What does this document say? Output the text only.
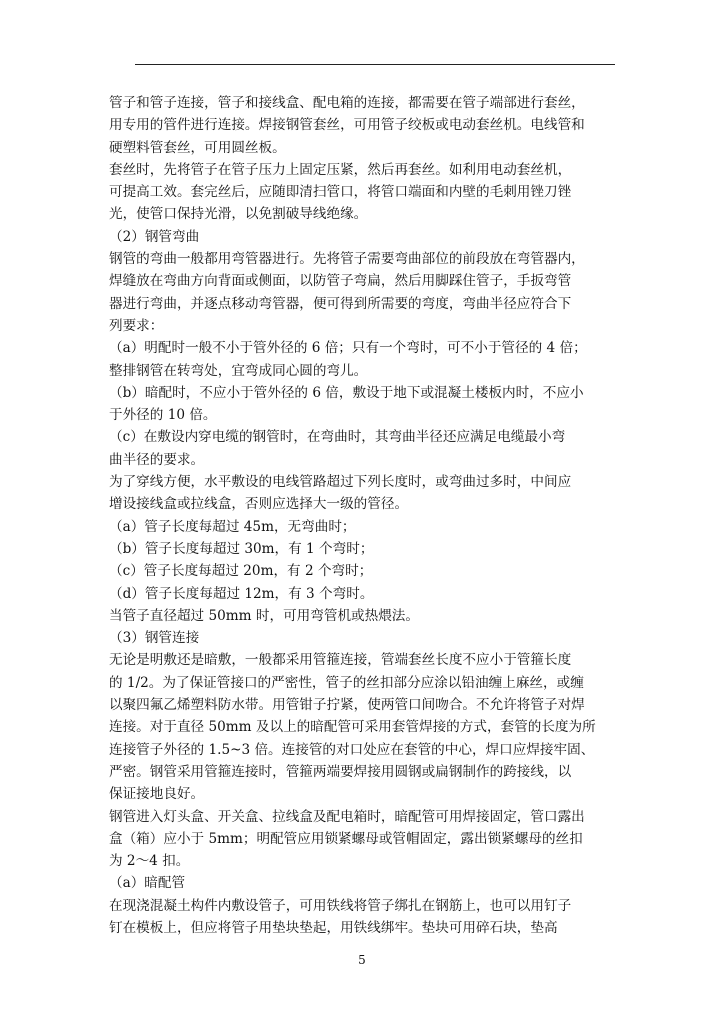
管子和管子连接，管子和接线盒、配电箱的连接，都需要在管子端部进行套丝，
用专用的管件进行连接。焊接钢管套丝，可用管子绞板或电动套丝机。电线管和
硬塑料管套丝，可用圆丝板。
套丝时，先将管子在管子压力上固定压紧，然后再套丝。如利用电动套丝机，
可提高工效。套完丝后，应随即清扫管口，将管口端面和内壁的毛刺用锉刀锉
光，使管口保持光滑，以免割破导线绝缘。
（2）钢管弯曲
钢管的弯曲一般都用弯管器进行。先将管子需要弯曲部位的前段放在弯管器内，
焊缝放在弯曲方向背面或侧面，以防管子弯扁，然后用脚踩住管子，手扳弯管
器进行弯曲，并逐点移动弯管器，便可得到所需要的弯度，弯曲半径应符合下
列要求：
（a）明配时一般不小于管外径的 6 倍；只有一个弯时，可不小于管径的 4 倍；
整排钢管在转弯处，宜弯成同心圆的弯儿。
（b）暗配时，不应小于管外径的 6 倍，敷设于地下或混凝土楼板内时，不应小
于外径的 10 倍。
（c）在敷设内穿电缆的钢管时，在弯曲时，其弯曲半径还应满足电缆最小弯
曲半径的要求。
为了穿线方便，水平敷设的电线管路超过下列长度时，或弯曲过多时，中间应
增设接线盒或拉线盒，否则应选择大一级的管径。
（a）管子长度每超过 45m，无弯曲时；
（b）管子长度每超过 30m，有 1 个弯时；
（c）管子长度每超过 20m，有 2 个弯时；
（d）管子长度每超过 12m，有 3 个弯时。
当管子直径超过 50mm 时，可用弯管机或热煨法。
（3）钢管连接
无论是明敷还是暗敷，一般都采用管箍连接，管端套丝长度不应小于管箍长度
的 1/2。为了保证管接口的严密性，管子的丝扣部分应涂以铅油缠上麻丝，或缠
以聚四氟乙烯塑料防水带。用管钳子拧紧，使两管口间吻合。不允许将管子对焊
连接。对于直径 50mm 及以上的暗配管可采用套管焊接的方式，套管的长度为所
连接管子外径的 1.5~3 倍。连接管的对口处应在套管的中心，焊口应焊接牢固、
严密。钢管采用管箍连接时，管箍两端要焊接用圆钢或扁钢制作的跨接线，以
保证接地良好。
钢管进入灯头盒、开关盒、拉线盒及配电箱时，暗配管可用焊接固定，管口露出
盒（箱）应小于 5mm；明配管应用锁紧螺母或管帽固定，露出锁紧螺母的丝扣
为 2～4 扣。
（a）暗配管
在现浇混凝土构件内敷设管子，可用铁线将管子绑扎在钢筋上，也可以用钉子
钉在模板上，但应将管子用垫块垫起，用铁线绑牢。垫块可用碎石块，垫高
5
